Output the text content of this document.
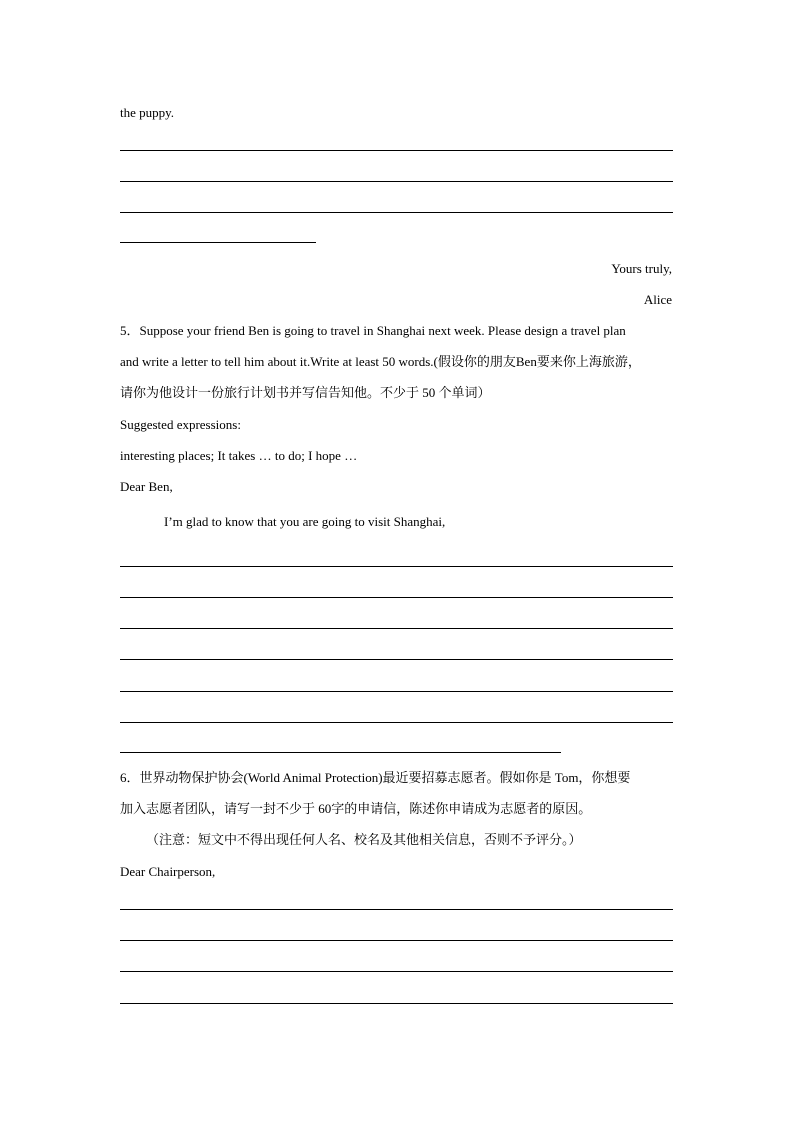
the puppy.
Yours truly,
Alice
5．Suppose your friend Ben is going to travel in Shanghai next week. Please design a travel plan
and write a letter to tell him about it.Write at least 50 words.(假设你的朋友Ben要来你上海旅游，
请你为他设计一份旅行计划书并写信告知他。不少于 50 个单词）
Suggested expressions:
interesting places; It takes … to do; I hope …
Dear Ben,
I’m glad to know that you are going to visit Shanghai,
6．世界动物保护协会(World Animal Protection)最近要招募志愿者。假如你是 Tom，你想要
加入志愿者团队，请写一封不少于 60字的申请信，陈述你申请成为志愿者的原因。
（注意：短文中不得出现任何人名、校名及其他相关信息，否则不予评分。）
Dear Chairperson,
